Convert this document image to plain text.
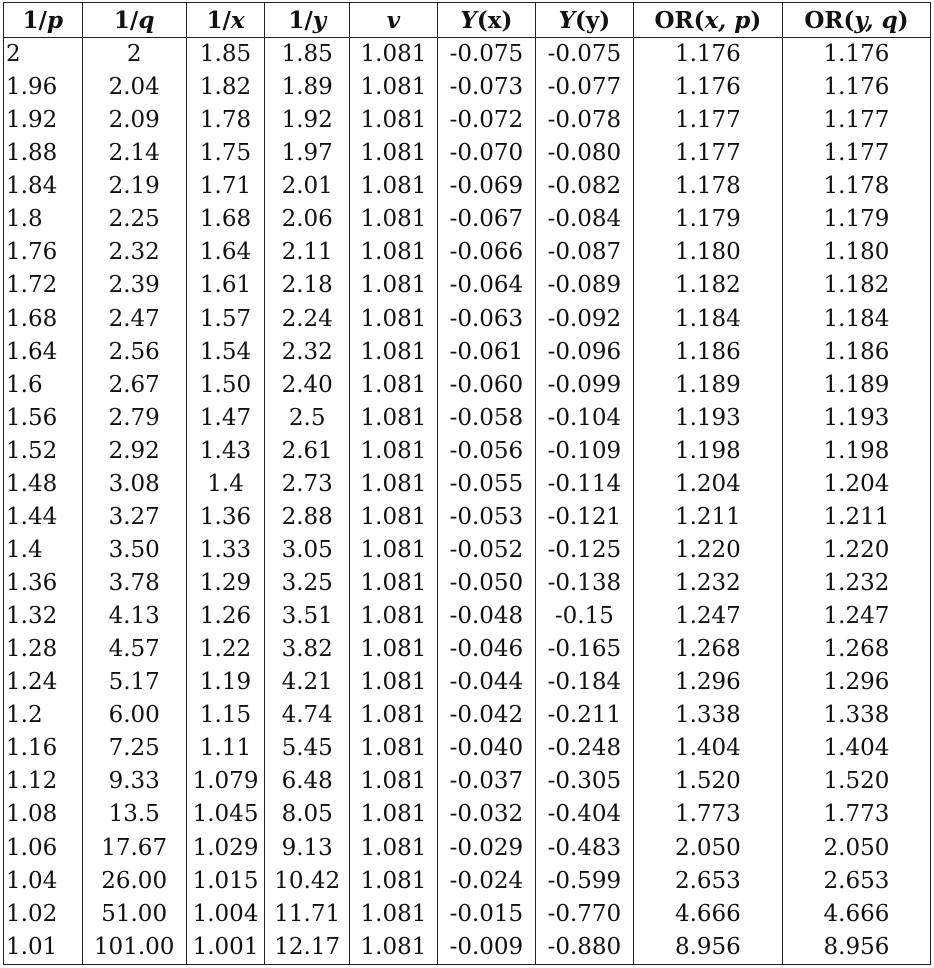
1/p	1/q	1/x	1/y	v	Y(x)	Y(y)	OR(x, p)	OR(y, q)
2	2	1.85	1.85	1.081	-0.075	-0.075	1.176	1.176
1.96	2.04	1.82	1.89	1.081	-0.073	-0.077	1.176	1.176
1.92	2.09	1.78	1.92	1.081	-0.072	-0.078	1.177	1.177
1.88	2.14	1.75	1.97	1.081	-0.070	-0.080	1.177	1.177
1.84	2.19	1.71	2.01	1.081	-0.069	-0.082	1.178	1.178
1.8	2.25	1.68	2.06	1.081	-0.067	-0.084	1.179	1.179
1.76	2.32	1.64	2.11	1.081	-0.066	-0.087	1.180	1.180
1.72	2.39	1.61	2.18	1.081	-0.064	-0.089	1.182	1.182
1.68	2.47	1.57	2.24	1.081	-0.063	-0.092	1.184	1.184
1.64	2.56	1.54	2.32	1.081	-0.061	-0.096	1.186	1.186
1.6	2.67	1.50	2.40	1.081	-0.060	-0.099	1.189	1.189
1.56	2.79	1.47	2.5	1.081	-0.058	-0.104	1.193	1.193
1.52	2.92	1.43	2.61	1.081	-0.056	-0.109	1.198	1.198
1.48	3.08	1.4	2.73	1.081	-0.055	-0.114	1.204	1.204
1.44	3.27	1.36	2.88	1.081	-0.053	-0.121	1.211	1.211
1.4	3.50	1.33	3.05	1.081	-0.052	-0.125	1.220	1.220
1.36	3.78	1.29	3.25	1.081	-0.050	-0.138	1.232	1.232
1.32	4.13	1.26	3.51	1.081	-0.048	-0.15	1.247	1.247
1.28	4.57	1.22	3.82	1.081	-0.046	-0.165	1.268	1.268
1.24	5.17	1.19	4.21	1.081	-0.044	-0.184	1.296	1.296
1.2	6.00	1.15	4.74	1.081	-0.042	-0.211	1.338	1.338
1.16	7.25	1.11	5.45	1.081	-0.040	-0.248	1.404	1.404
1.12	9.33	1.079	6.48	1.081	-0.037	-0.305	1.520	1.520
1.08	13.5	1.045	8.05	1.081	-0.032	-0.404	1.773	1.773
1.06	17.67	1.029	9.13	1.081	-0.029	-0.483	2.050	2.050
1.04	26.00	1.015	10.42	1.081	-0.024	-0.599	2.653	2.653
1.02	51.00	1.004	11.71	1.081	-0.015	-0.770	4.666	4.666
1.01	101.00	1.001	12.17	1.081	-0.009	-0.880	8.956	8.956
